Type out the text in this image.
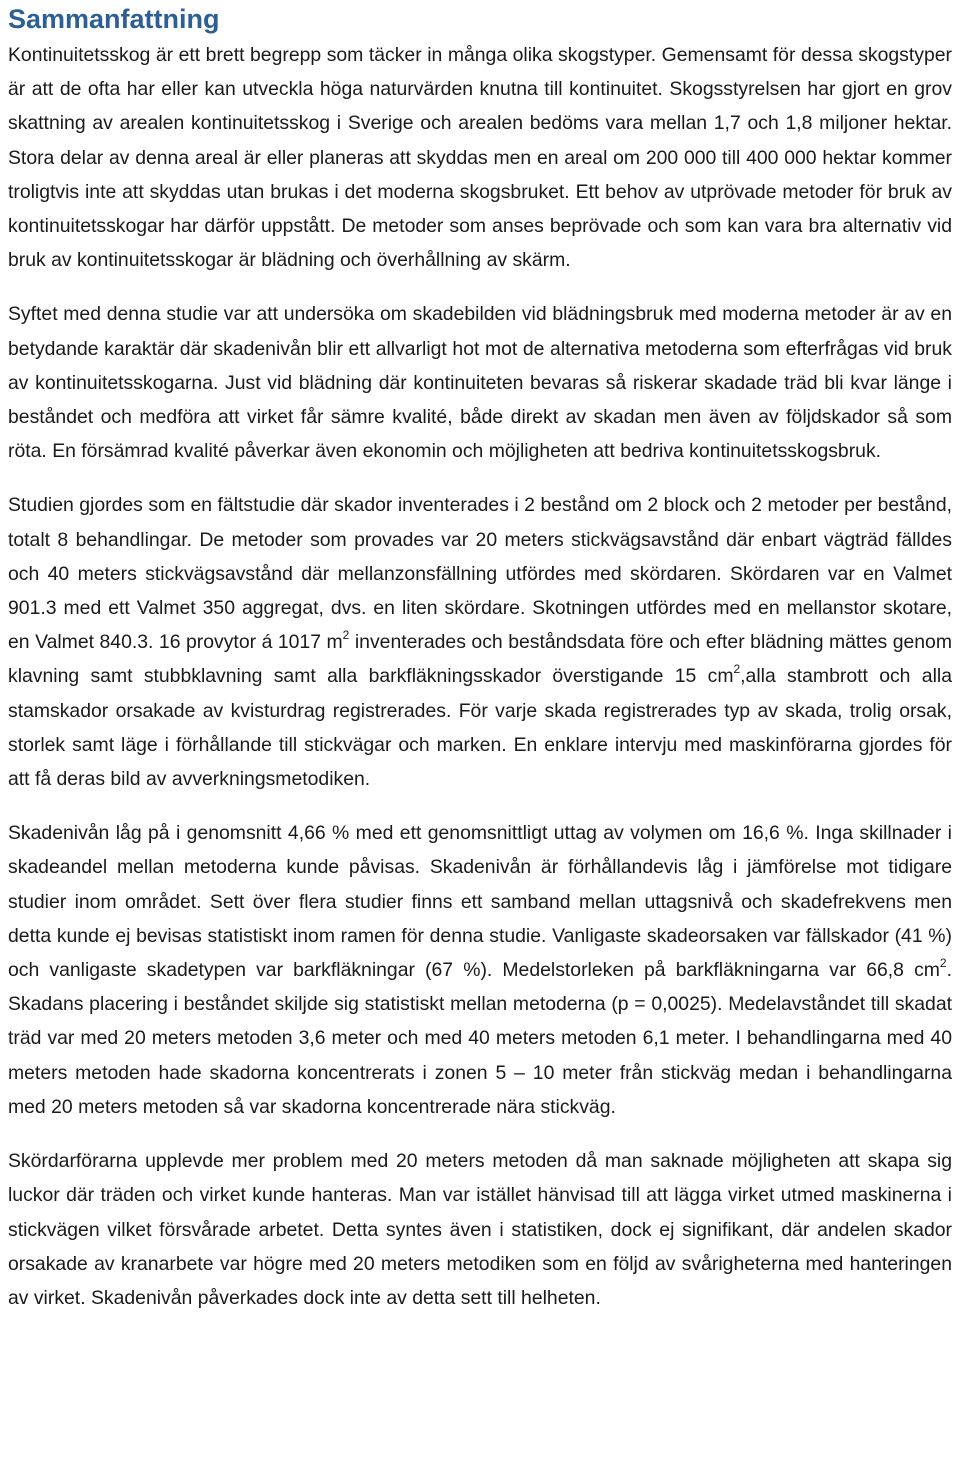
Sammanfattning

Kontinuitetsskog är ett brett begrepp som täcker in många olika skogstyper. Gemensamt för dessa skogstyper är att de ofta har eller kan utveckla höga naturvärden knutna till kontinuitet. Skogsstyrelsen har gjort en grov skattning av arealen kontinuitetsskog i Sverige och arealen bedöms vara mellan 1,7 och 1,8 miljoner hektar. Stora delar av denna areal är eller planeras att skyddas men en areal om 200 000 till 400 000 hektar kommer troligtvis inte att skyddas utan brukas i det moderna skogsbruket. Ett behov av utprövade metoder för bruk av kontinuitetsskogar har därför uppstått. De metoder som anses beprövade och som kan vara bra alternativ vid bruk av kontinuitetsskogar är blädning och överhållning av skärm.

Syftet med denna studie var att undersöka om skadebilden vid blädningsbruk med moderna metoder är av en betydande karaktär där skadenivån blir ett allvarligt hot mot de alternativa metoderna som efterfrågas vid bruk av kontinuitetsskogarna. Just vid blädning där kontinuiteten bevaras så riskerar skadade träd bli kvar länge i beståndet och medföra att virket får sämre kvalité, både direkt av skadan men även av följdskador så som röta. En försämrad kvalité påverkar även ekonomin och möjligheten att bedriva kontinuitetsskogsbruk.

Studien gjordes som en fältstudie där skador inventerades i 2 bestånd om 2 block och 2 metoder per bestånd, totalt 8 behandlingar. De metoder som provades var 20 meters stickvägsavstånd där enbart vägträd fälldes och 40 meters stickvägsavstånd där mellanzonsfällning utfördes med skördaren. Skördaren var en Valmet 901.3 med ett Valmet 350 aggregat, dvs. en liten skördare. Skotningen utfördes med en mellanstor skotare, en Valmet 840.3. 16 provytor á 1017 $m^2$ inventerades och beståndsdata före och efter blädning mättes genom klavning samt stubbklavning samt alla barkfläkningsskador överstigande 15 $cm^2,alla$ stambrott och alla stamskador orsakade av kvisturdrag registrerades. För varje skada registrerades typ av skada, trolig orsak, storlek samt läge i förhållande till stickvägar och marken. En enklare intervju med maskinförarna gjordes för att få deras bild av avverkningsmetodiken.

Skadenivån låg på i genomsnitt 4,66 % med ett genomsnittligt uttag av volymen om 16,6 %. Inga skillnader i skadeandel mellan metoderna kunde påvisas. Skadenivån är förhållandevis låg i jämförelse mot tidigare studier inom området. Sett över flera studier finns ett samband mellan uttagsnivå och skadefrekvens men detta kunde ej bevisas statistiskt inom ramen för denna studie. Vanligaste skadeorsaken var fällskador (41 %) och vanligaste skadetypen var barkfläkningar (67 %). Medelstorleken på barkfläkningarna var 66,8 $cm^2$. Skadans placering i beståndet skiljde sig statistiskt mellan metoderna (p = 0,0025). Medelavståndet till skadat träd var med 20 meters metoden 3,6 meter och med 40 meters metoden 6,1 meter. I behandlingarna med 40 meters metoden hade skadorna koncentrerats i zonen 5 – 10 meter från stickväg medan i behandlingarna med 20 meters metoden så var skadorna koncentrerade nära stickväg.

Skördarförarna upplevde mer problem med 20 meters metoden då man saknade möjligheten att skapa sig luckor där träden och virket kunde hanteras. Man var istället hänvisad till att lägga virket utmed maskinerna i stickvägen vilket försvårade arbetet. Detta syntes även i statistiken, dock ej signifikant, där andelen skador orsakade av kranarbete var högre med 20 meters metodiken som en följd av svårigheterna med hanteringen av virket. Skadenivån påverkades dock inte av detta sett till helheten.
